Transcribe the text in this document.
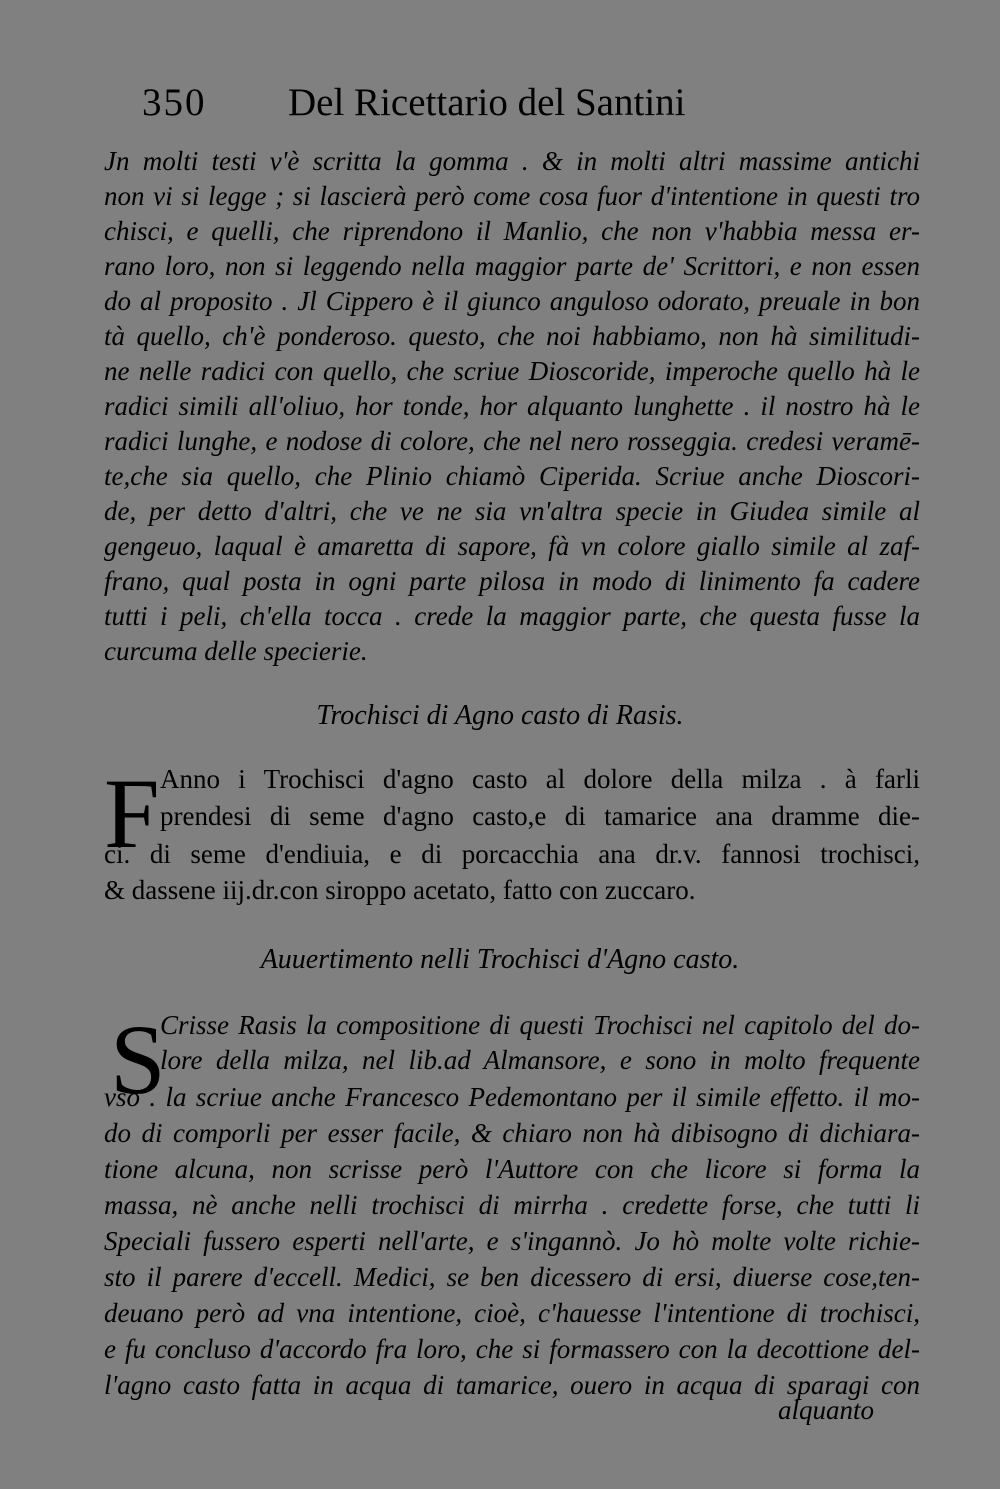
350 Del Ricettario del Santini
Jn molti testi v'è scritta la gomma . & in molti altri massime antichi
non vi si legge ; si lascierà però come cosa fuor d'intentione in questi tro
chisci, e quelli, che riprendono il Manlio, che non v'habbia messa er-
rano loro, non si leggendo nella maggior parte de' Scrittori, e non essen
do al proposito . Jl Cippero è il giunco anguloso odorato, preuale in bon
tà quello, ch'è ponderoso. questo, che noi habbiamo, non hà similitudi-
ne nelle radici con quello, che scriue Dioscoride, imperoche quello hà le
radici simili all'oliuo, hor tonde, hor alquanto lunghette . il nostro hà le
radici lunghe, e nodose di colore, che nel nero rosseggia. credesi veramē-
te,che sia quello, che Plinio chiamò Ciperida. Scriue anche Dioscori-
de, per detto d'altri, che ve ne sia vn'altra specie in Giudea simile al
gengeuo, laqual è amaretta di sapore, fà vn colore giallo simile al zaf-
frano, qual posta in ogni parte pilosa in modo di linimento fa cadere
tutti i peli, ch'ella tocca . crede la maggior parte, che questa fusse la
curcuma delle specierie.
Trochisci di Agno casto di Rasis.
F Anno i Trochisci d'agno casto al dolore della milza . à farli
prendesi di seme d'agno casto,e di tamarice ana dramme die-
ci. di seme d'endiuia, e di porcacchia ana dr.v. fannosi trochisci,
& dassene iij.dr.con siroppo acetato, fatto con zuccaro.
Auuertimento nelli Trochisci d'Agno casto.
S
Crisse Rasis la compositione di questi Trochisci nel capitolo del do-
lore della milza, nel lib.ad Almansore, e sono in molto frequente
vso . la scriue anche Francesco Pedemontano per il simile effetto. il mo-
do di comporli per esser facile, & chiaro non hà dibisogno di dichiara-
tione alcuna, non scrisse però l'Auttore con che licore si forma la
massa, nè anche nelli trochisci di mirrha . credette forse, che tutti li
Speciali fussero esperti nell'arte, e s'ingannò. Jo hò molte volte richie-
sto il parere d'eccell. Medici, se ben dicessero di ersi, diuerse cose,ten-
deuano però ad vna intentione, cioè, c'hauesse l'intentione di trochisci,
e fu concluso d'accordo fra loro, che si formassero con la decottione del-
l'agno casto fatta in acqua di tamarice, ouero in acqua di sparagi con
alquanto
